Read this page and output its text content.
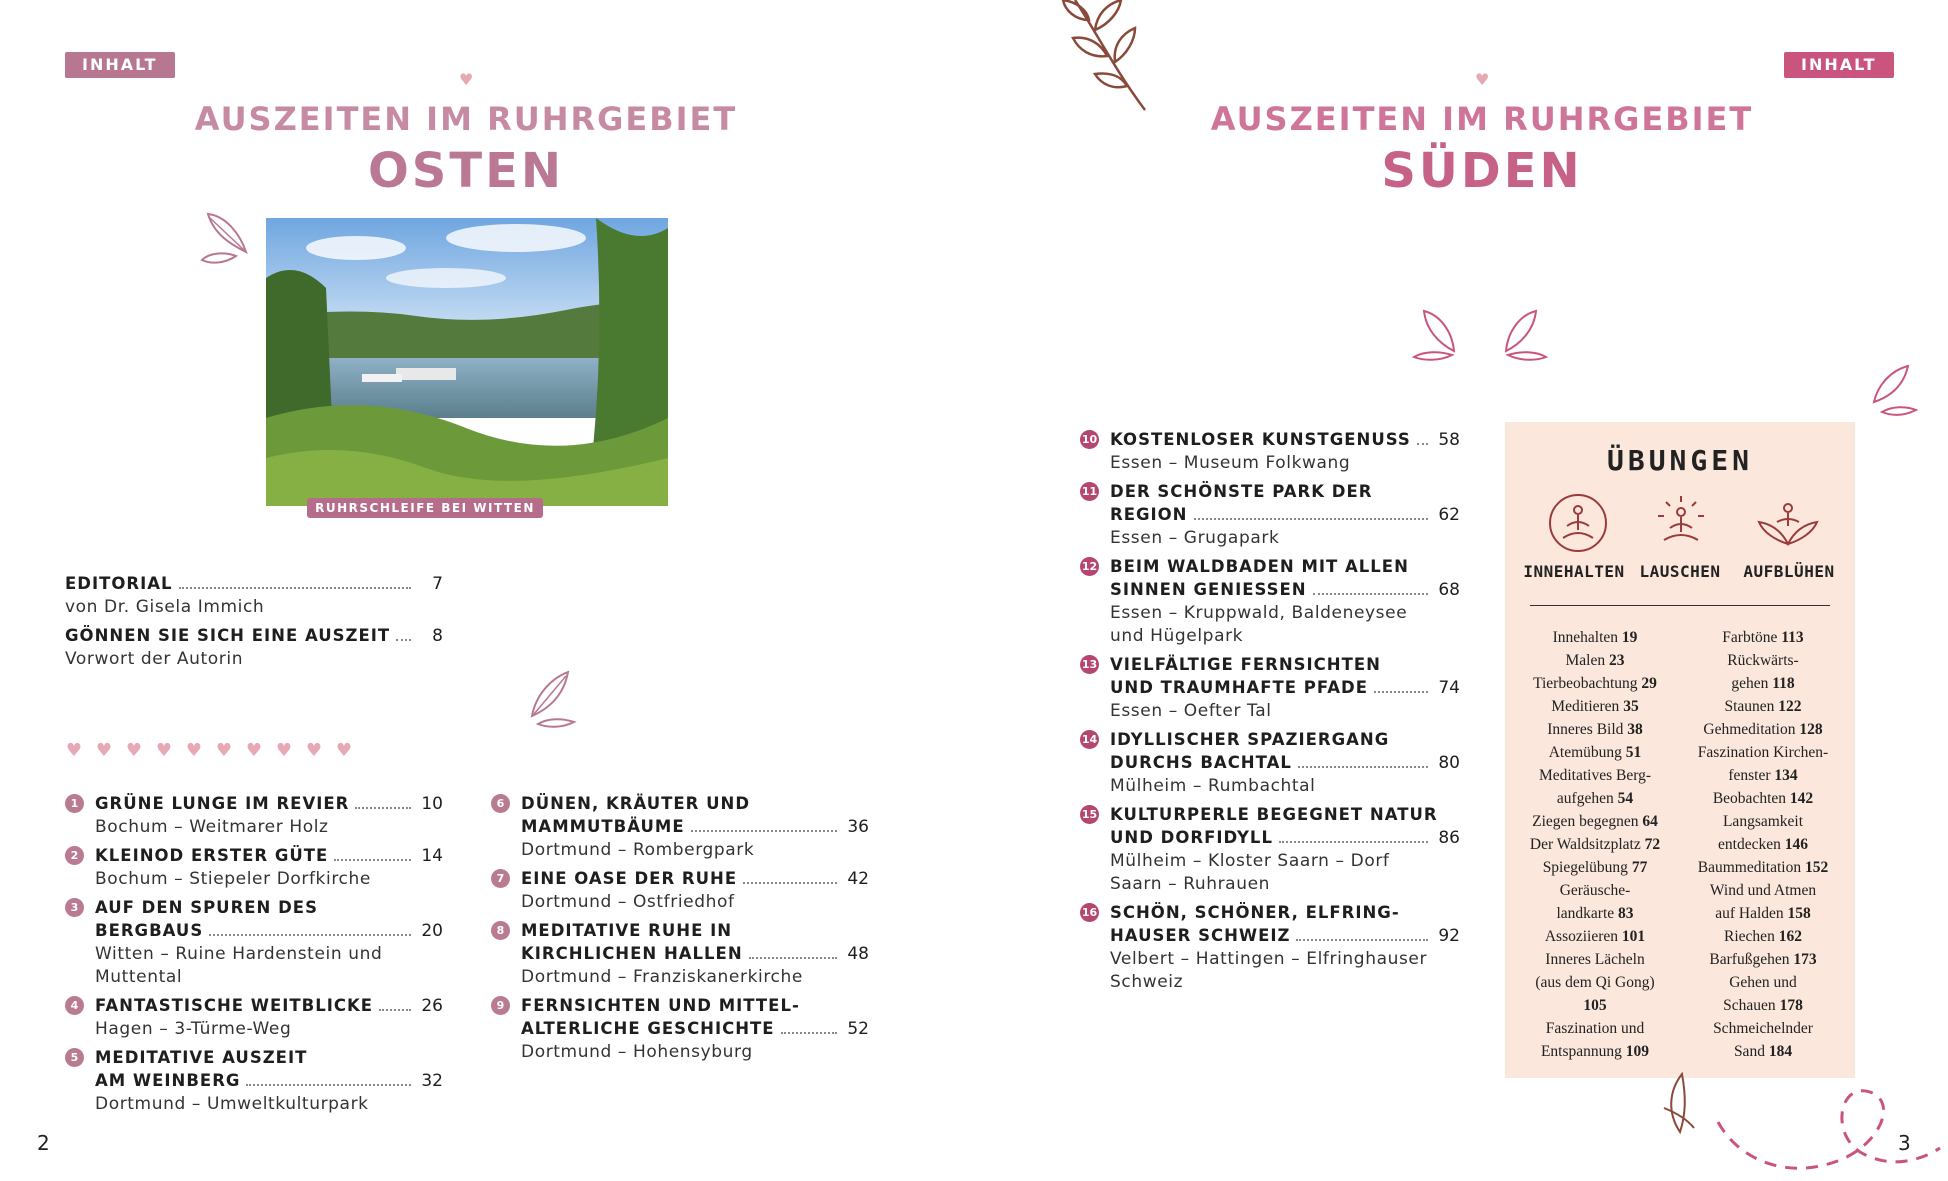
INHALT
♥
AUSZEITEN IM RUHRGEBIET
OSTEN
RUHRSCHLEIFE BEI WITTEN
EDITORIAL	7
von Dr. Gisela Immich
GÖNNEN SIE SICH EINE AUSZEIT	8
Vorwort der Autorin
♥ ♥ ♥ ♥ ♥ ♥ ♥ ♥ ♥ ♥
1	GRÜNE LUNGE IM REVIER	10
Bochum – Weitmarer Holz
2	KLEINOD ERSTER GÜTE	14
Bochum – Stiepeler Dorfkirche
3	AUF DEN SPUREN DES
BERGBAUS	20
Witten – Ruine Hardenstein und
Muttental
4	FANTASTISCHE WEITBLICKE	26
Hagen – 3-Türme-Weg
5	MEDITATIVE AUSZEIT
AM WEINBERG	32
Dortmund – Umweltkulturpark
6	DÜNEN, KRÄUTER UND
MAMMUTBÄUME	36
Dortmund – Rombergpark
7	EINE OASE DER RUHE	42
Dortmund – Ostfriedhof
8	MEDITATIVE RUHE IN
KIRCHLICHEN HALLEN	48
Dortmund – Franziskanerkirche
9	FERNSICHTEN UND MITTEL-
ALTERLICHE GESCHICHTE	52
Dortmund – Hohensyburg
2
INHALT
♥
AUSZEITEN IM RUHRGEBIET
SÜDEN
10 KOSTENLOSER KUNSTGENUSS 58
Essen – Museum Folkwang
11 DER SCHÖNSTE PARK DER
REGION	62
Essen – Grugapark
12 BEIM WALDBADEN MIT ALLEN
SINNEN GENIESSEN	68
Essen – Kruppwald, Baldeneysee
und Hügelpark
13 VIELFÄLTIGE FERNSICHTEN
UND TRAUMHAFTE PFADE	74
Essen – Oefter Tal
14 IDYLLISCHER SPAZIERGANG
DURCHS BACHTAL	80
Mülheim – Rumbachtal
15 KULTURPERLE BEGEGNET NATUR
UND DORFIDYLL	86
Mülheim – Kloster Saarn – Dorf
Saarn – Ruhrauen
16 SCHÖN, SCHÖNER, ELFRING-
HAUSER SCHWEIZ	92
Velbert – Hattingen – Elfringhauser
Schweiz
ÜBUNGEN
INNEHALTEN LAUSCHEN	AUFBLÜHEN
Innehalten 19
Malen 23
Tierbeobachtung 29
Meditieren 35
Inneres Bild 38
Atemübung 51
Meditatives Berg-
aufgehen 54
Ziegen begegnen 64
Der Waldsitzplatz 72
Spiegelübung 77
Geräusche-
landkarte 83
Assoziieren 101
Inneres Lächeln
(aus dem Qi Gong)
105
Faszination und
Entspannung 109
Farbtöne 113
Rückwärts-
gehen 118
Staunen 122
Gehmeditation 128
Faszination Kirchen-
fenster 134
Beobachten 142
Langsamkeit
entdecken 146
Baummeditation 152
Wind und Atmen
auf Halden 158
Riechen 162
Barfußgehen 173
Gehen und
Schauen 178
Schmeichelnder
Sand 184
3
